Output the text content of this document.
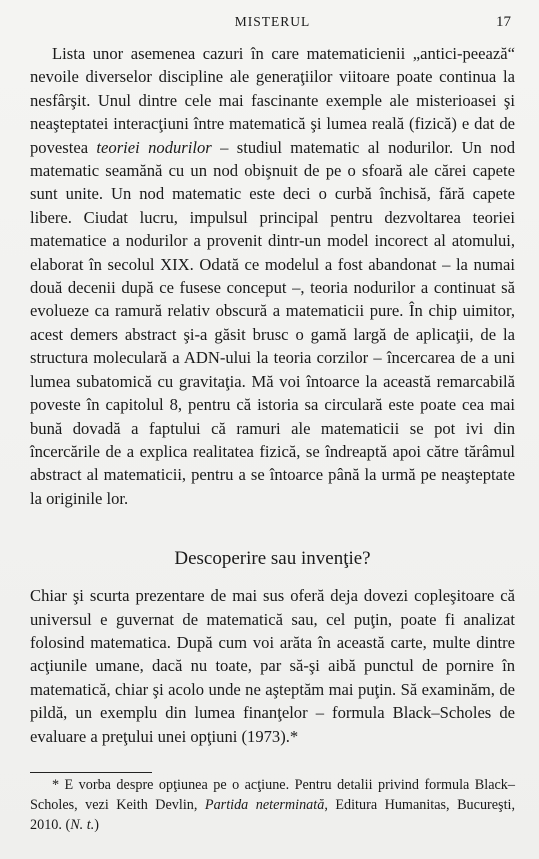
MISTERUL	17

Lista unor asemenea cazuri în care matematicienii „antici-peează“ nevoile diverselor discipline ale generaţiilor viitoare poate continua la nesfârşit. Unul dintre cele mai fascinante exemple ale misterioasei şi neaşteptatei interacţiuni între matematică şi lumea reală (fizică) e dat de povestea teoriei nodurilor – studiul matematic al nodurilor. Un nod matematic seamănă cu un nod obişnuit de pe o sfoară ale cărei capete sunt unite. Un nod matematic este deci o curbă închisă, fără capete libere. Ciudat lucru, impulsul principal pentru dezvoltarea teoriei matematice a nodurilor a provenit dintr-un model incorect al atomului, elaborat în secolul XIX. Odată ce modelul a fost abandonat – la numai două decenii după ce fusese conceput –, teoria nodurilor a continuat să evolueze ca ramură relativ obscură a matematicii pure. În chip uimitor, acest demers abstract şi-a găsit brusc o gamă largă de aplicaţii, de la structura moleculară a ADN-ului la teoria corzilor – încercarea de a uni lumea subatomică cu gravitaţia. Mă voi întoarce la această remarcabilă poveste în capitolul 8, pentru că istoria sa circulară este poate cea mai bună dovadă a faptului că ramuri ale matematicii se pot ivi din încercările de a explica realitatea fizică, se îndreaptă apoi către tărâmul abstract al matematicii, pentru a se întoarce până la urmă pe neaşteptate la originile lor.

Descoperire sau invenţie?

Chiar şi scurta prezentare de mai sus oferă deja dovezi copleşitoare că universul e guvernat de matematică sau, cel puţin, poate fi analizat folosind matematica. După cum voi arăta în această carte, multe dintre acţiunile umane, dacă nu toate, par să-şi aibă punctul de pornire în matematică, chiar şi acolo unde ne aşteptăm mai puţin. Să examinăm, de pildă, un exemplu din lumea finanţelor – formula Black–Scholes de evaluare a preţului unei opţiuni (1973).*

* E vorba despre opţiunea pe o acţiune. Pentru detalii privind formula Black–Scholes, vezi Keith Devlin, Partida neterminată, Editura Humanitas, Bucureşti, 2010. (N. t.)
